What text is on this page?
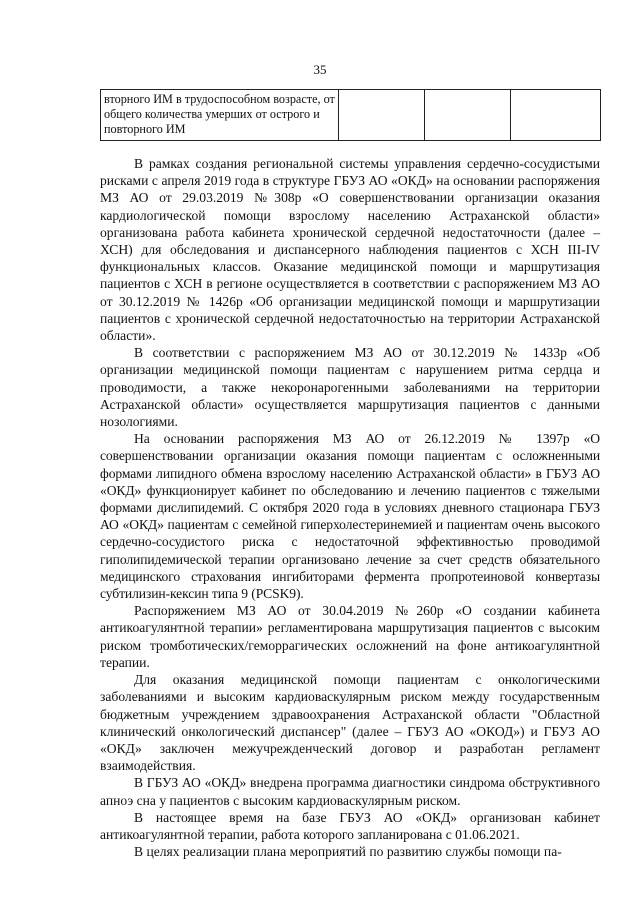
35
вторного ИМ в трудоспособном возрасте, от общего количества умерших от острого и повторного ИМ			

В рамках создания региональной системы управления сердечно-сосудистыми рисками с апреля 2019 года в структуре ГБУЗ АО «ОКД» на основании распоряжения МЗ АО от 29.03.2019 №308р «О совершенствовании организации оказания кардиологической помощи взрослому населению Астраханской области» организована работа кабинета хронической сердечной недостаточности (далее – ХСН) для обследования и диспансерного наблюдения пациентов с ХСН III-IV функциональных классов. Оказание медицинской помощи и маршрутизация пациентов с ХСН в регионе осуществляется в соответствии с распоряжением МЗ АО от 30.12.2019 № 1426р «Об организации медицинской помощи и маршрутизации пациентов с хронической сердечной недостаточностью на территории Астраханской области».

В соответствии с распоряжением МЗ АО от 30.12.2019 № 1433р «Об организации медицинской помощи пациентам с нарушением ритма сердца и проводимости, а также некоронарогенными заболеваниями на территории Астраханской области» осуществляется маршрутизация пациентов с данными нозологиями.

На основании распоряжения МЗ АО от 26.12.2019 № 1397р «О совершенствовании организации оказания помощи пациентам с осложненными формами липидного обмена взрослому населению Астраханской области» в ГБУЗ АО «ОКД» функционирует кабинет по обследованию и лечению пациентов с тяжелыми формами дислипидемий. С октября 2020 года в условиях дневного стационара ГБУЗ АО «ОКД» пациентам с семейной гиперхолестеринемией и пациентам очень высокого сердечно-сосудистого риска с недостаточной эффективностью проводимой гиполипидемической терапии организовано лечение за счет средств обязательного медицинского страхования ингибиторами фермента пропротеиновой конвертазы субтилизин-кексин типа 9 (PCSK9).

Распоряжением МЗ АО от 30.04.2019 №260р «О создании кабинета антикоагулянтной терапии» регламентирована маршрутизация пациентов с высоким риском тромботических/геморрагических осложнений на фоне антикоагулянтной терапии.

Для оказания медицинской помощи пациентам с онкологическими заболеваниями и высоким кардиоваскулярным риском между государственным бюджетным учреждением здравоохранения Астраханской области "Областной клинический онкологический диспансер" (далее – ГБУЗ АО «ОКОД») и ГБУЗ АО «ОКД» заключен межучрежденческий договор и разработан регламент взаимодействия.

В ГБУЗ АО «ОКД» внедрена программа диагностики синдрома обструктивного апноэ сна у пациентов с высоким кардиоваскулярным риском.

В настоящее время на базе ГБУЗ АО «ОКД» организован кабинет антикоагулянтной терапии, работа которого запланирована с 01.06.2021.

В целях реализации плана мероприятий по развитию службы помощи па-
